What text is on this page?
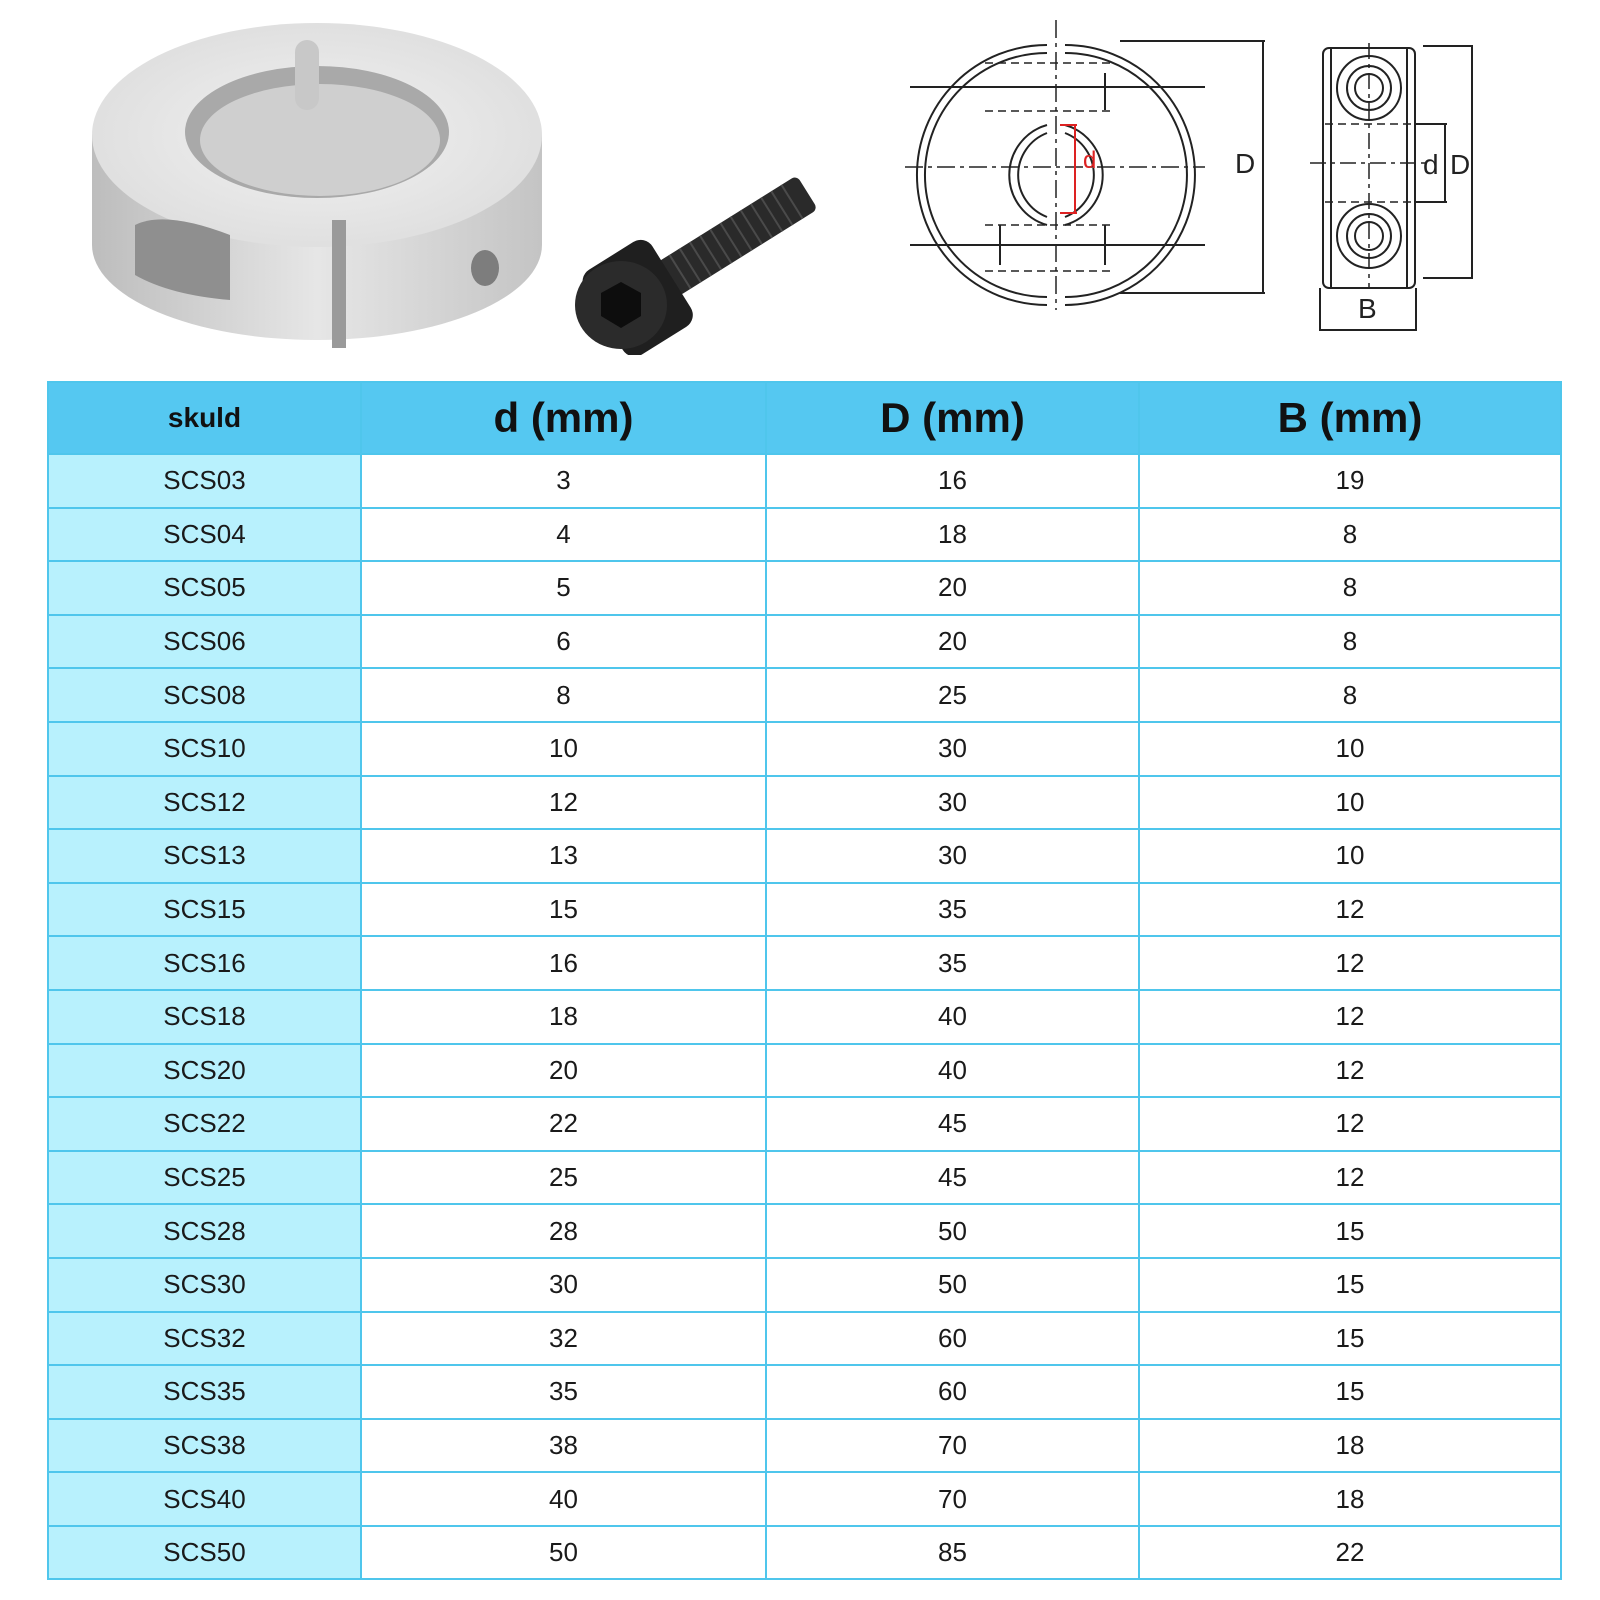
d	D	d D
B
skuld	d (mm)	D (mm)	B (mm)
SCS03	3	16	19
SCS04	4	18	8
SCS05	5	20	8
SCS06	6	20	8
SCS08	8	25	8
SCS10	10	30	10
SCS12	12	30	10
SCS13	13	30	10
SCS15	15	35	12
SCS16	16	35	12
SCS18	18	40	12
SCS20	20	40	12
SCS22	22	45	12
SCS25	25	45	12
SCS28	28	50	15
SCS30	30	50	15
SCS32	32	60	15
SCS35	35	60	15
SCS38	38	70	18
SCS40	40	70	18
SCS50	50	85	22
